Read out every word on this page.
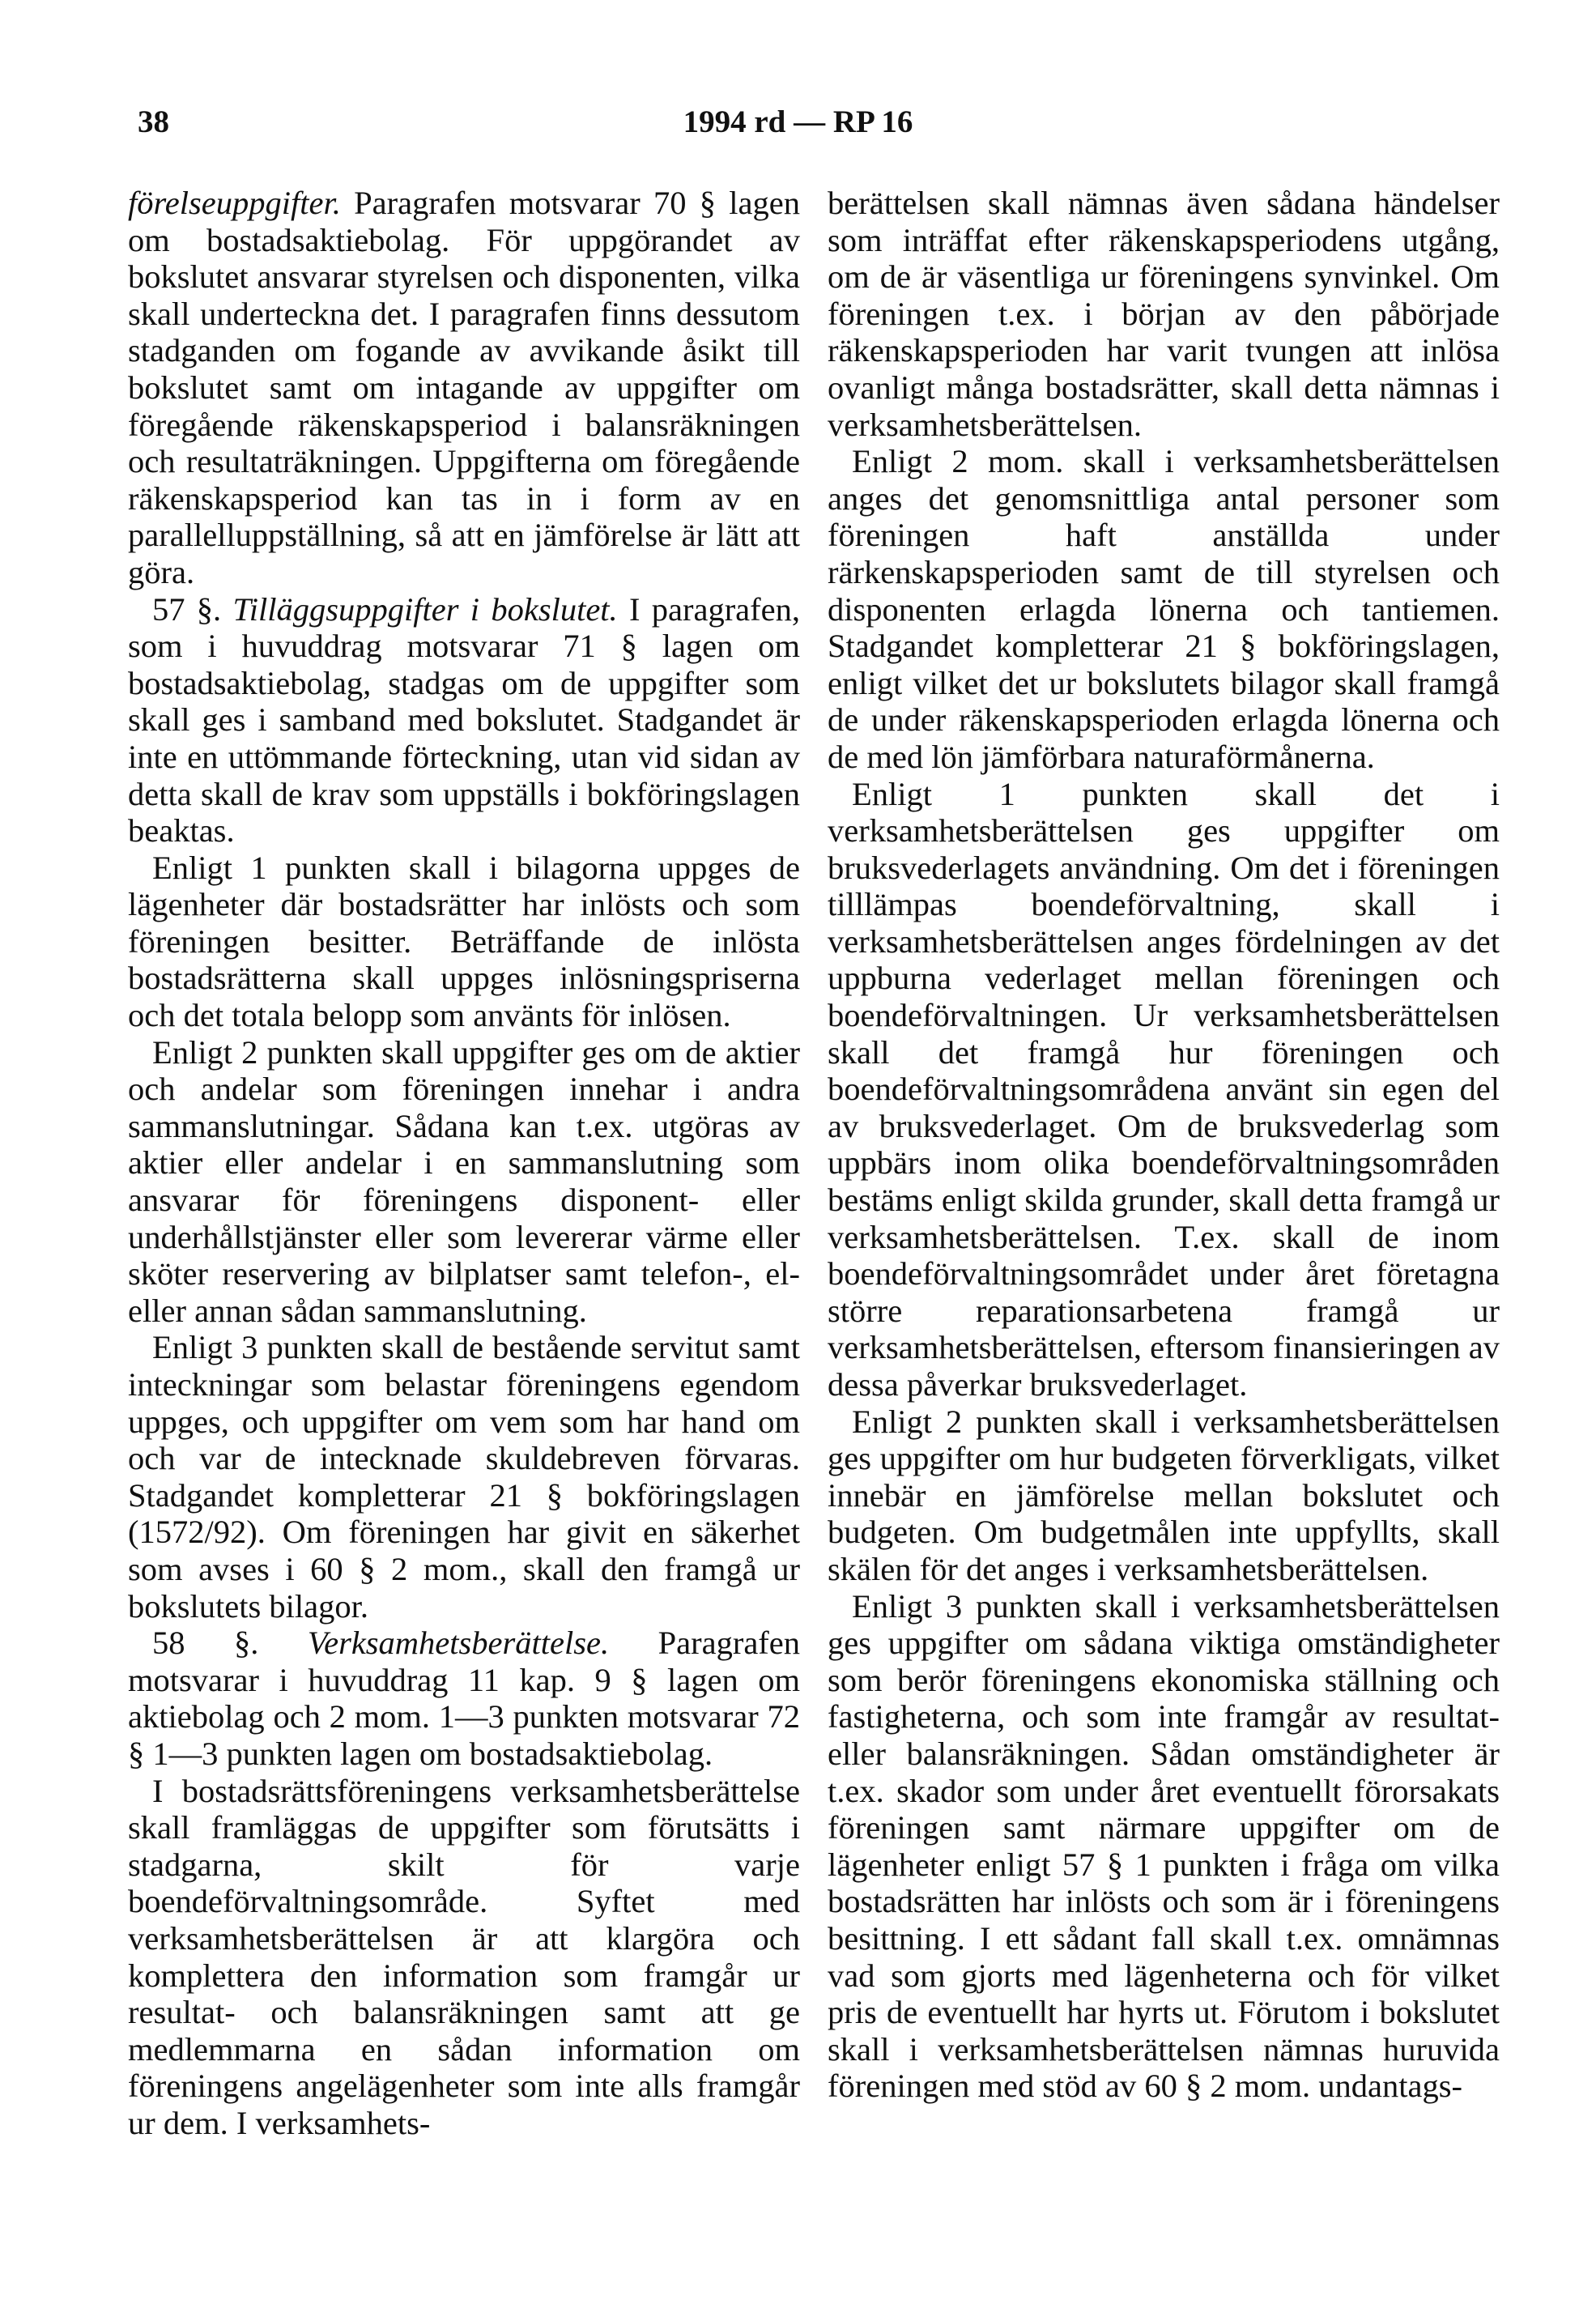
1994 rd — RP 16
38

förelseuppgifter. Paragrafen motsvarar 70 § lagen om bostadsaktiebolag. För uppgörandet av bokslutet ansvarar styrelsen och disponenten, vilka skall underteckna det. I paragrafen finns dessutom stadganden om fogande av avvikande åsikt till bokslutet samt om intagande av uppgifter om föregående räkenskapsperiod i balansräkningen och resultaträkningen. Uppgifterna om föregående räkenskapsperiod kan tas in i form av en parallelluppställning, så att en jämförelse är lätt att göra.

57 §. Tilläggsuppgifter i bokslutet. I paragrafen, som i huvuddrag motsvarar 71 § lagen om bostadsaktiebolag, stadgas om de uppgifter som skall ges i samband med bokslutet. Stadgandet är inte en uttömmande förteckning, utan vid sidan av detta skall de krav som uppställs i bokföringslagen beaktas.

Enligt 1 punkten skall i bilagorna uppges de lägenheter där bostadsrätter har inlösts och som föreningen besitter. Beträffande de inlösta bostadsrätterna skall uppges inlösningspriserna och det totala belopp som använts för inlösen.

Enligt 2 punkten skall uppgifter ges om de aktier och andelar som föreningen innehar i andra sammanslutningar. Sådana kan t.ex. utgöras av aktier eller andelar i en sammanslutning som ansvarar för föreningens disponent- eller underhållstjänster eller som levererar värme eller sköter reservering av bilplatser samt telefon-, el- eller annan sådan sammanslutning.

Enligt 3 punkten skall de bestående servitut samt inteckningar som belastar föreningens egendom uppges, och uppgifter om vem som har hand om och var de intecknade skuldebreven förvaras. Stadgandet kompletterar 21 § bokföringslagen (1572/92). Om föreningen har givit en säkerhet som avses i 60 § 2 mom., skall den framgå ur bokslutets bilagor.

58 §. Verksamhetsberättelse. Paragrafen motsvarar i huvuddrag 11 kap. 9 § lagen om aktiebolag och 2 mom. 1—3 punkten motsvarar 72 § 1—3 punkten lagen om bostadsaktiebolag.

I bostadsrättsföreningens verksamhetsberättelse skall framläggas de uppgifter som förutsätts i stadgarna, skilt för varje boendeförvaltningsområde. Syftet med verksamhetsberättelsen är att klargöra och komplettera den information som framgår ur resultat- och balansräkningen samt att ge medlemmarna en sådan information om föreningens angelägenheter som inte alls framgår ur dem. I verksamhets-

berättelsen skall nämnas även sådana händelser som inträffat efter räkenskapsperiodens utgång, om de är väsentliga ur föreningens synvinkel. Om föreningen t.ex. i början av den påbörjade räkenskapsperioden har varit tvungen att inlösa ovanligt många bostadsrätter, skall detta nämnas i verksamhetsberättelsen.

Enligt 2 mom. skall i verksamhetsberättelsen anges det genomsnittliga antal personer som föreningen haft anställda under rärkenskapsperioden samt de till styrelsen och disponenten erlagda lönerna och tantiemen. Stadgandet kompletterar 21 § bokföringslagen, enligt vilket det ur bokslutets bilagor skall framgå de under räkenskapsperioden erlagda lönerna och de med lön jämförbara naturaförmånerna.

Enligt 1 punkten skall det i verksamhetsberättelsen ges uppgifter om bruksvederlagets användning. Om det i föreningen tilllämpas boendeförvaltning, skall i verksamhetsberättelsen anges fördelningen av det uppburna vederlaget mellan föreningen och boendeförvaltningen. Ur verksamhetsberättelsen skall det framgå hur föreningen och boendeförvaltningsområdena använt sin egen del av bruksvederlaget. Om de bruksvederlag som uppbärs inom olika boendeförvaltningsområden bestäms enligt skilda grunder, skall detta framgå ur verksamhetsberättelsen. T.ex. skall de inom boendeförvaltningsområdet under året företagna större reparationsarbetena framgå ur verksamhetsberättelsen, eftersom finansieringen av dessa påverkar bruksvederlaget.

Enligt 2 punkten skall i verksamhetsberättelsen ges uppgifter om hur budgeten förverkligats, vilket innebär en jämförelse mellan bokslutet och budgeten. Om budgetmålen inte uppfyllts, skall skälen för det anges i verksamhetsberättelsen.

Enligt 3 punkten skall i verksamhetsberättelsen ges uppgifter om sådana viktiga omständigheter som berör föreningens ekonomiska ställning och fastigheterna, och som inte framgår av resultat- eller balansräkningen. Sådan omständigheter är t.ex. skador som under året eventuellt förorsakats föreningen samt närmare uppgifter om de lägenheter enligt 57 § 1 punkten i fråga om vilka bostadsrätten har inlösts och som är i föreningens besittning. I ett sådant fall skall t.ex. omnämnas vad som gjorts med lägenheterna och för vilket pris de eventuellt har hyrts ut. Förutom i bokslutet skall i verksamhetsberättelsen nämnas huruvida föreningen med stöd av 60 § 2 mom. undantags-
